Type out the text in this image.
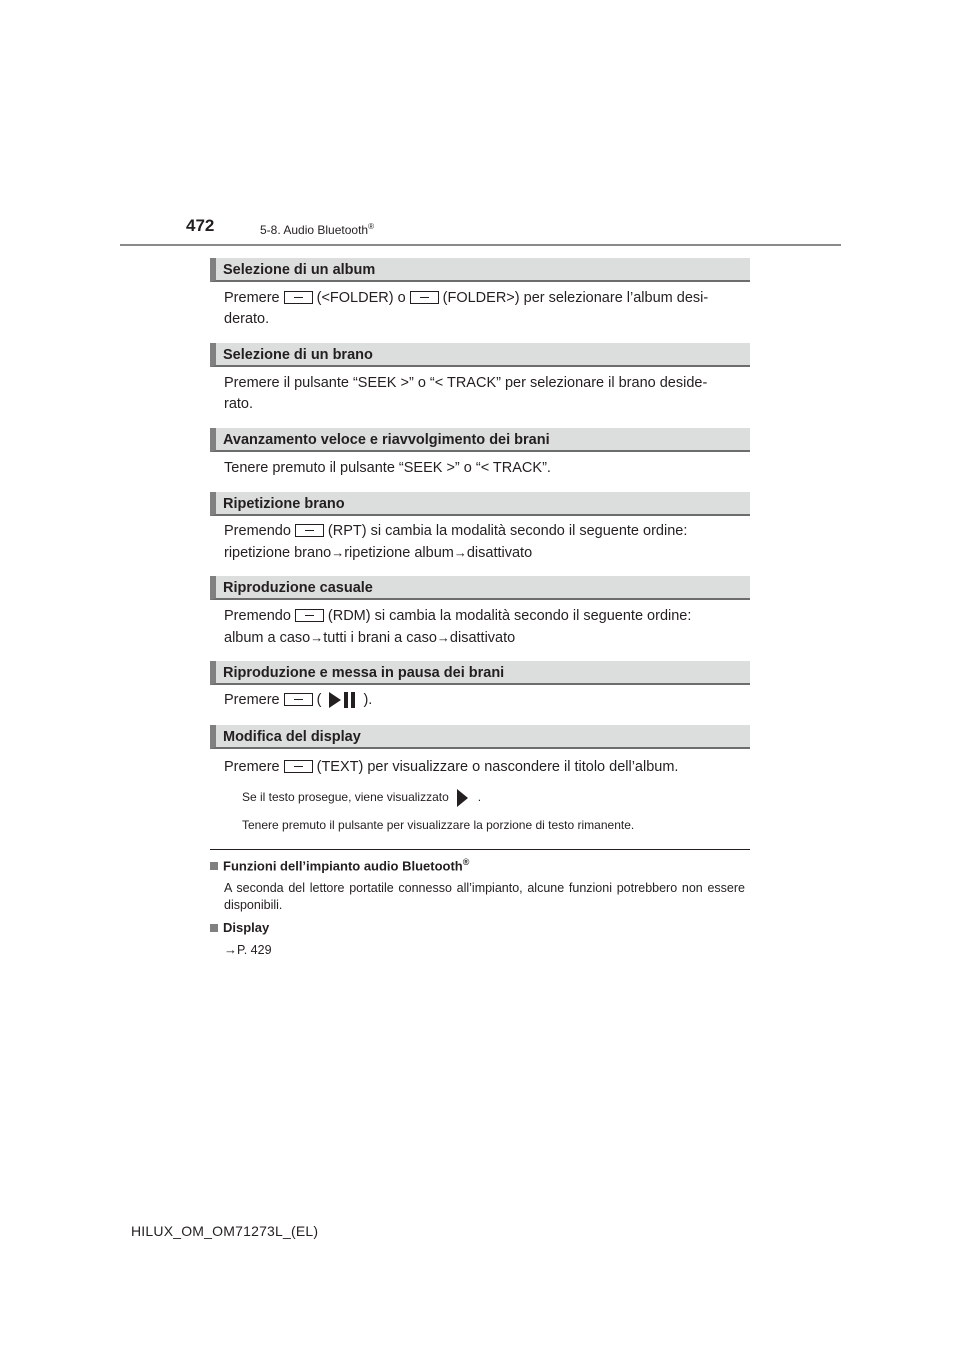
472	5-8. Audio Bluetooth®
Selezione di un album
Premere	(<FOLDER) o	(FOLDER>) per selezionare l’album desi-
derato.
Selezione di un brano
Premere il pulsante “SEEK >” o “< TRACK” per selezionare il brano deside-
rato.
Avanzamento veloce e riavvolgimento dei brani
Tenere premuto il pulsante “SEEK >” o “< TRACK”.
Ripetizione brano
Premendo	(RPT) si cambia la modalità secondo il seguente ordine:
ripetizione brano→ripetizione album→disattivato
Riproduzione casuale
Premendo	(RDM) si cambia la modalità secondo il seguente ordine:
album a caso→tutti i brani a caso→disattivato
Riproduzione e messa in pausa dei brani
Premere	(	).
Modifica del display
Premere	(TEXT) per visualizzare o nascondere il titolo dell’album.
Se il testo prosegue, viene visualizzato .
Tenere premuto il pulsante per visualizzare la porzione di testo rimanente.
Funzioni dell’impianto audio Bluetooth®
A seconda del lettore portatile connesso all’impianto, alcune funzioni potrebbero non essere disponibili.
Display
→P. 429
HILUX_OM_OM71273L_(EL)
